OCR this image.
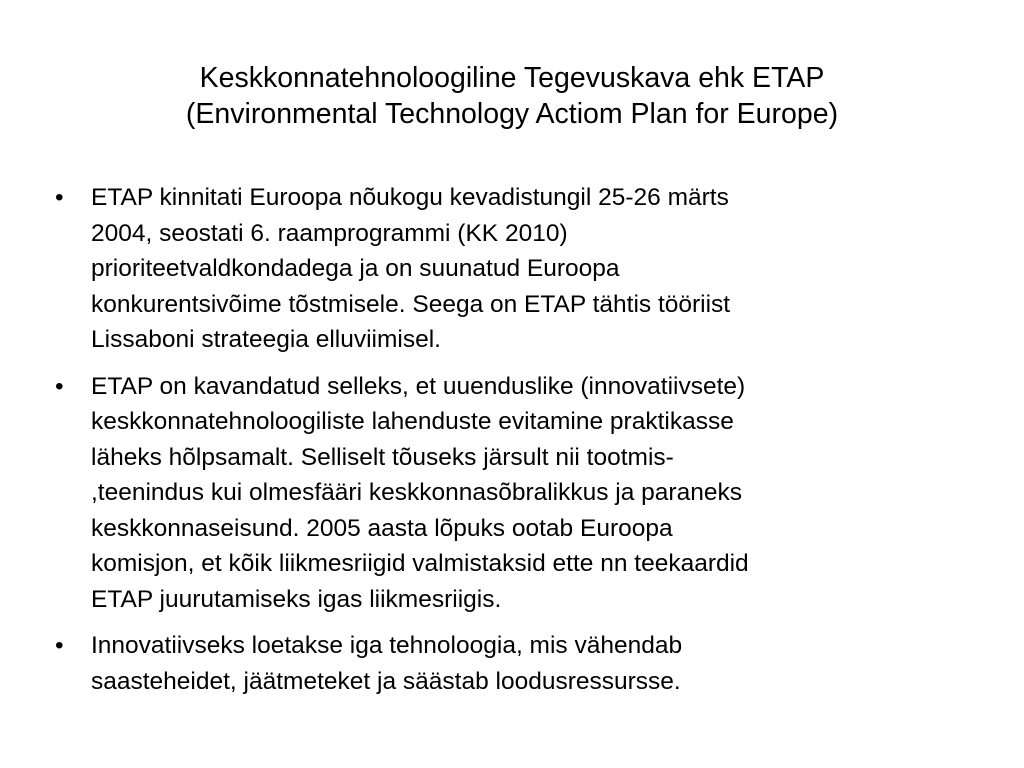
Keskkonnatehnoloogiline Tegevuskava ehk ETAP
(Environmental Technology Actiom Plan for Europe)
•	ETAP kinnitati Euroopa nõukogu kevadistungil 25-26 märts
2004, seostati 6. raamprogrammi (KK 2010)
prioriteetvaldkondadega ja on suunatud Euroopa
konkurentsivõime tõstmisele. Seega on ETAP tähtis tööriist
Lissaboni strateegia elluviimisel.
•	ETAP on kavandatud selleks, et uuenduslike (innovatiivsete)
keskkonnatehnoloogiliste lahenduste evitamine praktikasse
läheks hõlpsamalt. Selliselt tõuseks järsult nii tootmis-
,teenindus kui olmesfääri keskkonnasõbralikkus ja paraneks
keskkonnaseisund. 2005 aasta lõpuks ootab Euroopa
komisjon, et kõik liikmesriigid valmistaksid ette nn teekaardid
ETAP juurutamiseks igas liikmesriigis.
•	Innovatiivseks loetakse iga tehnoloogia, mis vähendab
saasteheidet, jäätmeteket ja säästab loodusressursse.
